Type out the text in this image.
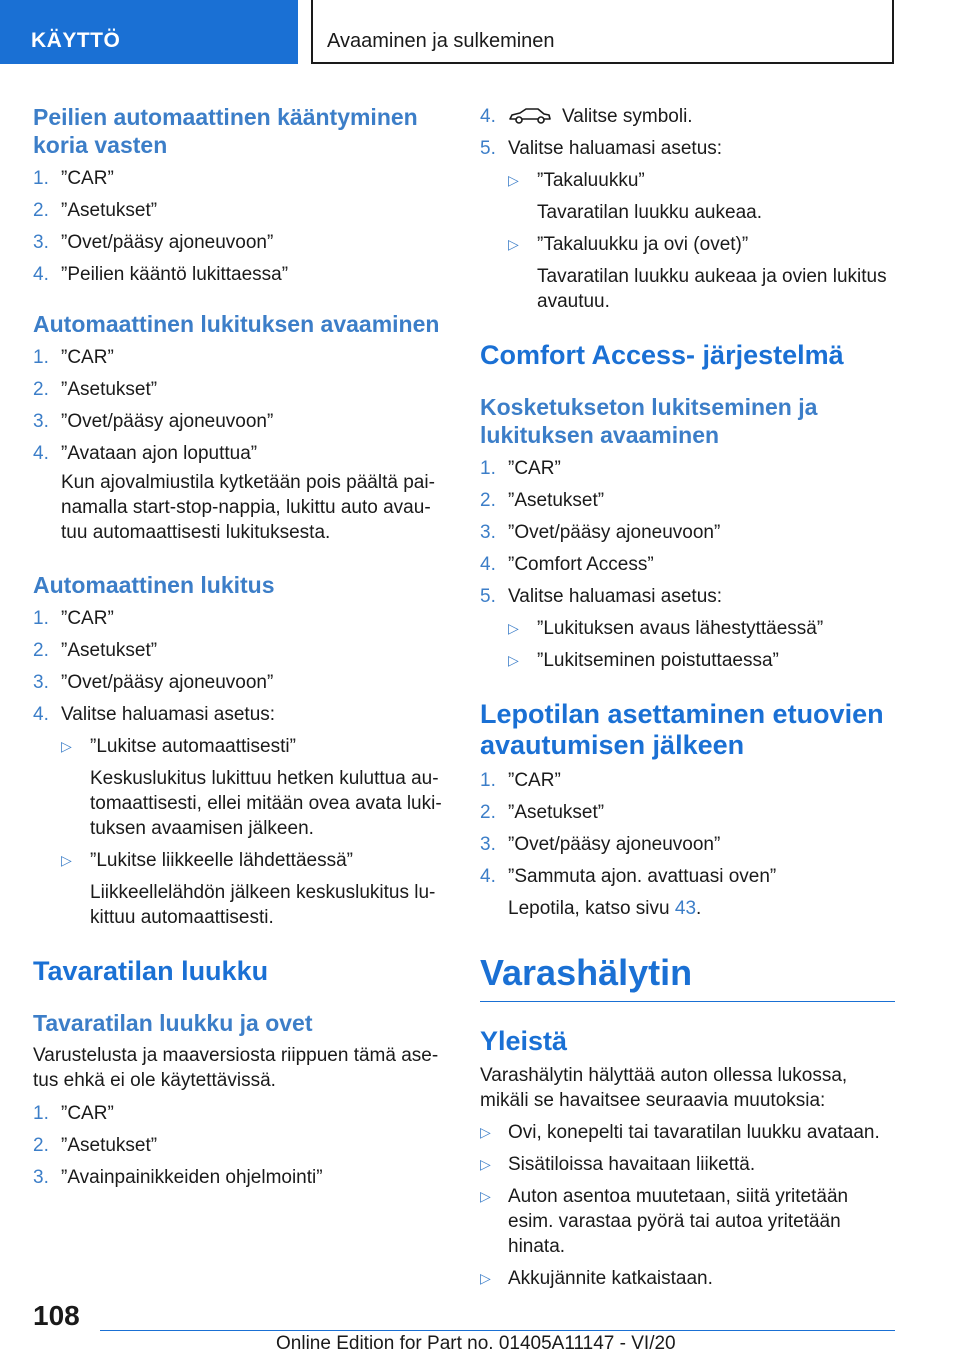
KÄYTTÖ	Avaaminen ja sulkeminen
Peilien automaattinen kääntyminen koria vasten
1. ”CAR”
2. ”Asetukset”
3. ”Ovet/pääsy ajoneuvoon”
4. ”Peilien kääntö lukittaessa”
Automaattinen lukituksen avaaminen
1. ”CAR”
2. ”Asetukset”
3. ”Ovet/pääsy ajoneuvoon”
4. ”Avataan ajon loputtua”
Kun ajovalmiustila kytketään pois päältä painamalla start-stop-nappia, lukittu auto avautuu automaattisesti lukituksesta.
Automaattinen lukitus
1. ”CAR”
2. ”Asetukset”
3. ”Ovet/pääsy ajoneuvoon”
4. Valitse haluamasi asetus:
▷ ”Lukitse automaattisesti”
Keskuslukitus lukittuu hetken kuluttua automaattisesti, ellei mitään ovea avata lukituksen avaamisen jälkeen.
▷ ”Lukitse liikkeelle lähdettäessä”
Liikkeellelähdön jälkeen keskuslukitus lukittuu automaattisesti.
Tavaratilan luukku
Tavaratilan luukku ja ovet
Varustelusta ja maaversiosta riippuen tämä asetus ehkä ei ole käytettävissä.
1. ”CAR”
2. ”Asetukset”
3. ”Avainpainikkeiden ohjelmointi”
4.	Valitse symboli.
5. Valitse haluamasi asetus:
▷ ”Takaluukku”
Tavaratilan luukku aukeaa.
▷ ”Takaluukku ja ovi (ovet)”
Tavaratilan luukku aukeaa ja ovien lukitus avautuu.
Comfort Access- järjestelmä
Kosketukseton lukitseminen ja lukituksen avaaminen
1. ”CAR”
2. ”Asetukset”
3. ”Ovet/pääsy ajoneuvoon”
4. ”Comfort Access”
5. Valitse haluamasi asetus:
▷ ”Lukituksen avaus lähestyttäessä”
▷ ”Lukitseminen poistuttaessa”
Lepotilan asettaminen etuovien avautumisen jälkeen
1. ”CAR”
2. ”Asetukset”
3. ”Ovet/pääsy ajoneuvoon”
4. ”Sammuta ajon. avattuasi oven”
Lepotila, katso sivu 43.
Varashälytin
Yleistä
Varashälytin hälyttää auton ollessa lukossa, mikäli se havaitsee seuraavia muutoksia:
▷ Ovi, konepelti tai tavaratilan luukku avataan.
▷ Sisätiloissa havaitaan liikettä.
▷ Auton asentoa muutetaan, siitä yritetään esim. varastaa pyörä tai autoa yritetään hinata.
▷ Akkujännite katkaistaan.
108
Online Edition for Part no. 01405A11147 - VI/20
